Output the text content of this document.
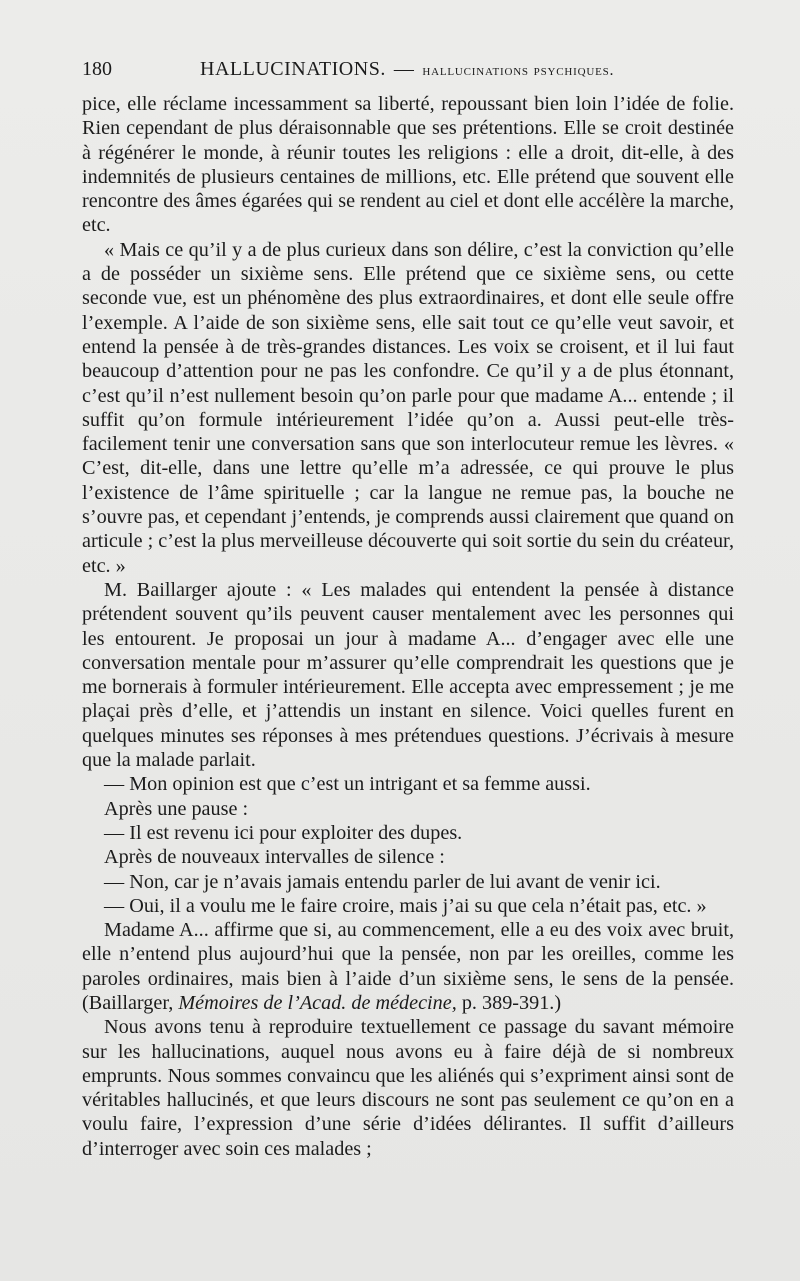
180	HALLUCINATIONS. — hallucinations psychiques.

pice, elle réclame incessamment sa liberté, repoussant bien loin l’idée de folie. Rien cependant de plus déraisonnable que ses prétentions. Elle se croit destinée à régénérer le monde, à réunir toutes les religions : elle a droit, dit-elle, à des indemnités de plusieurs centaines de millions, etc. Elle prétend que souvent elle rencontre des âmes égarées qui se rendent au ciel et dont elle accélère la marche, etc.

« Mais ce qu’il y a de plus curieux dans son délire, c’est la conviction qu’elle a de posséder un sixième sens. Elle prétend que ce sixième sens, ou cette seconde vue, est un phénomène des plus extraordinaires, et dont elle seule offre l’exemple. A l’aide de son sixième sens, elle sait tout ce qu’elle veut savoir, et entend la pensée à de très-grandes distances. Les voix se croisent, et il lui faut beaucoup d’attention pour ne pas les confondre. Ce qu’il y a de plus étonnant, c’est qu’il n’est nullement besoin qu’on parle pour que madame A... entende ; il suffit qu’on formule intérieurement l’idée qu’on a. Aussi peut-elle très-facilement tenir une conversation sans que son interlocuteur remue les lèvres. « C’est, dit-elle, dans une lettre qu’elle m’a adressée, ce qui prouve le plus l’existence de l’âme spirituelle ; car la langue ne remue pas, la bouche ne s’ouvre pas, et cependant j’entends, je comprends aussi clairement que quand on articule ; c’est la plus merveilleuse découverte qui soit sortie du sein du créateur, etc. »

M. Baillarger ajoute : « Les malades qui entendent la pensée à distance prétendent souvent qu’ils peuvent causer mentalement avec les personnes qui les entourent. Je proposai un jour à madame A... d’engager avec elle une conversation mentale pour m’assurer qu’elle comprendrait les questions que je me bornerais à formuler intérieurement. Elle accepta avec empressement ; je me plaçai près d’elle, et j’attendis un instant en silence. Voici quelles furent en quelques minutes ses réponses à mes prétendues questions. J’écrivais à mesure que la malade parlait.

— Mon opinion est que c’est un intrigant et sa femme aussi.

Après une pause :

— Il est revenu ici pour exploiter des dupes.

Après de nouveaux intervalles de silence :

— Non, car je n’avais jamais entendu parler de lui avant de venir ici.

— Oui, il a voulu me le faire croire, mais j’ai su que cela n’était pas, etc. »

Madame A... affirme que si, au commencement, elle a eu des voix avec bruit, elle n’entend plus aujourd’hui que la pensée, non par les oreilles, comme les paroles ordinaires, mais bien à l’aide d’un sixième sens, le sens de la pensée. (Baillarger, Mémoires de l’Acad. de médecine, p. 389-391.)

Nous avons tenu à reproduire textuellement ce passage du savant mémoire sur les hallucinations, auquel nous avons eu à faire déjà de si nombreux emprunts. Nous sommes convaincu que les aliénés qui s’expriment ainsi sont de véritables hallucinés, et que leurs discours ne sont pas seulement ce qu’on en a voulu faire, l’expression d’une série d’idées délirantes. Il suffit d’ailleurs d’interroger avec soin ces malades ;
